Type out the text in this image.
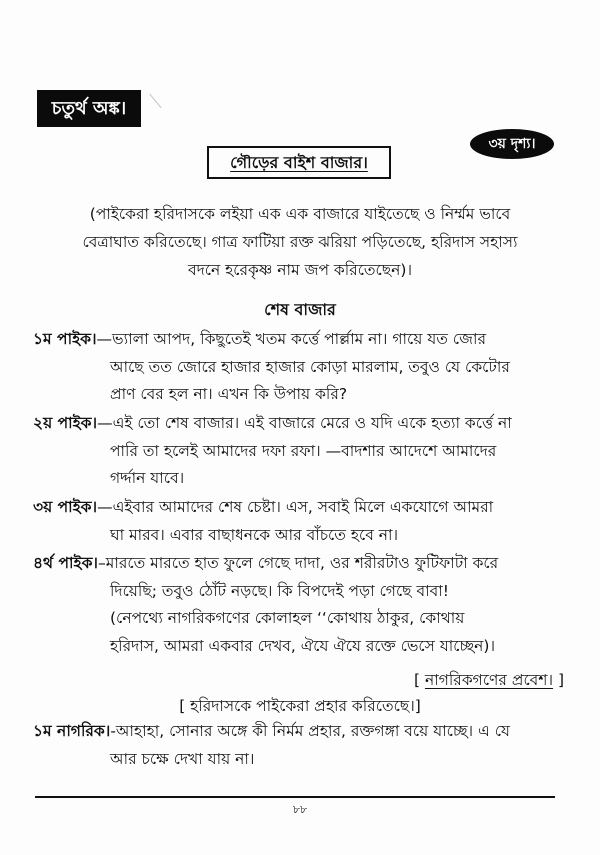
চতুর্থ অঙ্ক।
৩য় দৃশ্য।
গৌড়ের বাইশ বাজার।
(পাইকেরা হরিদাসকে লইয়া এক এক বাজারে যাইতেছে ও নির্ম্মম ভাবে
বেত্রাঘাত করিতেছে। গাত্র ফাটিয়া রক্ত ঝরিয়া পড়িতেছে, হরিদাস সহাস্য
বদনে হরেকৃষ্ণ নাম জপ করিতেছেন)।
শেষ বাজার
১ম পাইক। — ভ্যালা আপদ, কিছুতেই খতম কর্ত্তে পার্ল্লাম না। গায়ে যত জোর
আছে তত জোরে হাজার হাজার কোড়া মারলাম, তবুও যে কেটোর
প্রাণ বের হল না। এখন কি উপায় করি?
২য় পাইক। — এই তো শেষ বাজার। এই বাজারে মেরে ও যদি একে হত্যা কর্ত্তে না
পারি তা হলেই আমাদের দফা রফা। —বাদশার আদেশে আমাদের
গর্দ্দান যাবে।
৩য় পাইক। — এইবার আমাদের শেষ চেষ্টা। এস, সবাই মিলে একযোগে আমরা
ঘা মারব। এবার বাছাধনকে আর বাঁচতে হবে না।
৪র্থ পাইক। – মারতে মারতে হাত ফুলে গেছে দাদা, ওর শরীরটাও ফুটিফাটা করে
দিয়েছি; তবুও ঠোঁট নড়ছে। কি বিপদেই পড়া গেছে বাবা!
(নেপথ্যে নাগরিকগণের কোলাহল ‘‘কোথায় ঠাকুর, কোথায়
হরিদাস, আমরা একবার দেখব, ঐযে ঐযে রক্তে ভেসে যাচ্ছেন)।
[ নাগরিকগণের প্রবেশ। ]
[ হরিদাসকে পাইকেরা প্রহার করিতেছে।]
১ম নাগরিক। - আহাহা, সোনার অঙ্গে কী নির্মম প্রহার, রক্তগঙ্গা বয়ে যাচ্ছে। এ যে
আর চক্ষে দেখা যায় না।
৮৮
